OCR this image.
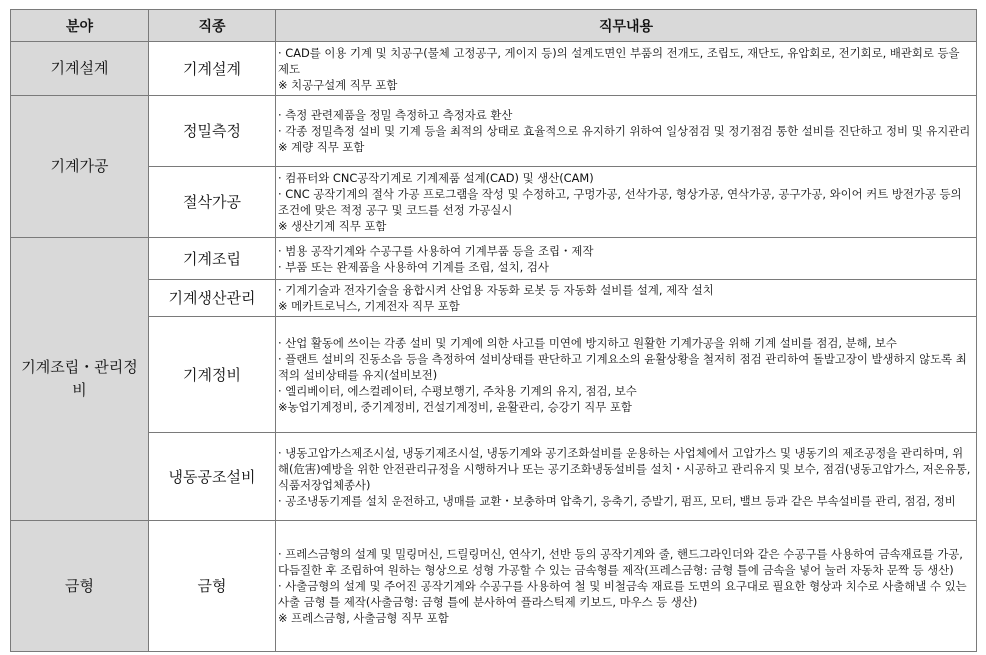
분야	직종	직무내용
기계설계	기계설계	· CAD를 이용 기계 및 치공구(물체 고정공구, 게이지 등)의 설계도면인 부품의 전개도, 조립도, 재단도, 유압회로, 전기회로, 배관회로 등을 제도
※ 치공구설계 직무 포함

기계가공	정밀측정	· 측정 관련제품을 정밀 측정하고 측정자료 환산
· 각종 정밀측정 설비 및 기계 등을 최적의 상태로 효율적으로 유지하기 위하여 일상점검 및 정기점검 통한 설비를 진단하고 정비 및 유지관리
※ 계량 직무 포함

	절삭가공	· 컴퓨터와 CNC공작기계로 기계제품 설계(CAD) 및 생산(CAM)
· CNC 공작기계의 절삭 가공 프로그램을 작성 및 수정하고, 구멍가공, 선삭가공, 형상가공, 연삭가공, 공구가공, 와이어 커트 방전가공 등의 조건에 맞은 적정 공구 및 코드를 선정 가공실시
※ 생산기계 직무 포함

기계조립・관리정비	기계조립	· 범용 공작기계와 수공구를 사용하여 기계부품 등을 조립・제작
· 부품 또는 완제품을 사용하여 기계를 조립, 설치, 검사

	기계생산관리	· 기계기술과 전자기술을 융합시켜 산업용 자동화 로봇 등 자동화 설비를 설계, 제작 설치
※ 메카트로닉스, 기계전자 직무 포함

	기계정비	· 산업 활동에 쓰이는 각종 설비 및 기계에 의한 사고를 미연에 방지하고 원활한 기계가공을 위해 기계 설비를 점검, 분해, 보수
· 플랜트 설비의 진동소음 등을 측정하여 설비상태를 판단하고 기계요소의 윤활상황을 철저히 점검 관리하여 돌발고장이 발생하지 않도록 최적의 설비상태를 유지(설비보전)
· 엘리베이터, 에스컬레이터, 수평보행기, 주차용 기계의 유지, 점검, 보수
※농업기계정비, 중기계정비, 건설기계정비, 윤활관리, 승강기 직무 포함

	냉동공조설비	· 냉동고압가스제조시설, 냉동기제조시설, 냉동기계와 공기조화설비를 운용하는 사업체에서 고압가스 및 냉동기의 제조공정을 관리하며, 위해(危害)예방을 위한 안전관리규정을 시행하거나 또는 공기조화냉동설비를 설치・시공하고 관리유지 및 보수, 점검(냉동고압가스, 저온유통, 식품저장업체종사)
· 공조냉동기계를 설치 운전하고, 냉매를 교환・보충하며 압축기, 응축기, 증발기, 펌프, 모터, 밸브 등과 같은 부속설비를 관리, 점검, 정비

금형	금형	· 프레스금형의 설계 및 밀링머신, 드릴링머신, 연삭기, 선반 등의 공작기계와 줄, 핸드그라인더와 같은 수공구를 사용하여 금속재료를 가공, 다듬질한 후 조립하여 원하는 형상으로 성형 가공할 수 있는 금속형를 제작(프레스금형: 금형 틀에 금속을 넣어 눌러 자동차 문짝 등 생산)
· 사출금형의 설계 및 주어진 공작기계와 수공구를 사용하여 철 및 비철금속 재료를 도면의 요구대로 필요한 형상과 치수로 사출해낼 수 있는 사출 금형 틀 제작(사출금형: 금형 틀에 분사하여 플라스틱제 키보드, 마우스 등 생산)
※ 프레스금형, 사출금형 직무 포함
